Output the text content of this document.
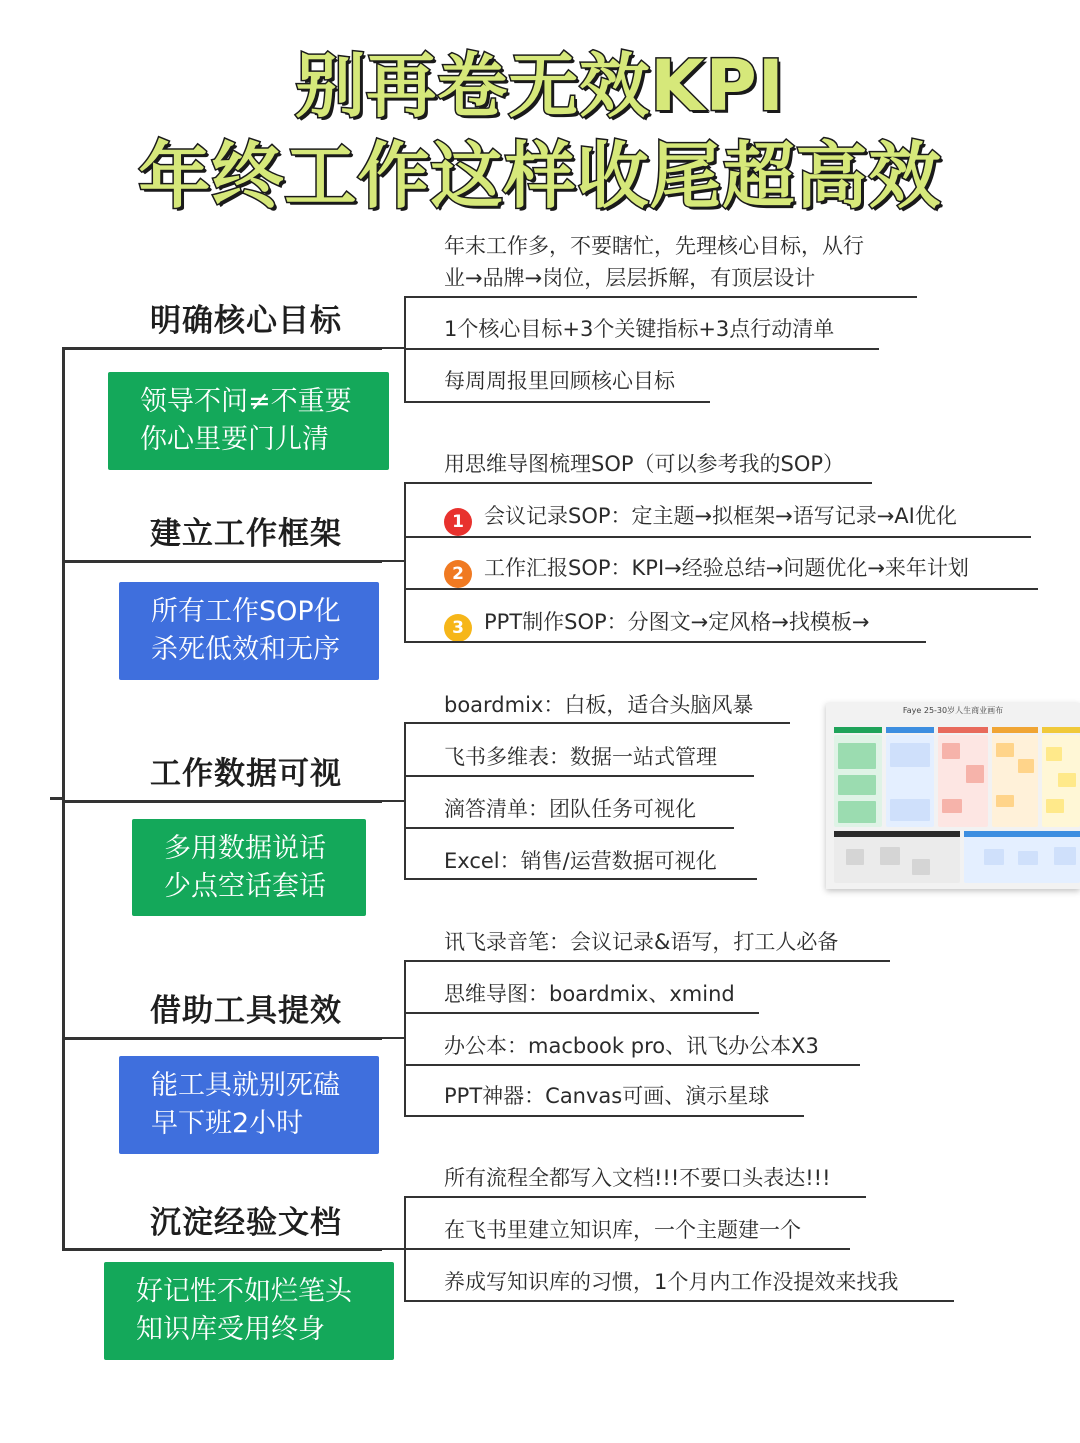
别再卷无效KPI
年终工作这样收尾超高效
明确核心目标
领导不问≠不重要
你心里要门儿清
年末工作多，不要瞎忙，先理核心目标，从行
业→品牌→岗位，层层拆解，有顶层设计
1个核心目标+3个关键指标+3点行动清单
每周周报里回顾核心目标
建立工作框架
所有工作SOP化
杀死低效和无序
用思维导图梳理SOP（可以参考我的SOP）
1 会议记录SOP：定主题→拟框架→语写记录→AI优化
2 工作汇报SOP：KPI→经验总结→问题优化→来年计划
3 PPT制作SOP：分图文→定风格→找模板→
工作数据可视
多用数据说话
少点空话套话
boardmix：白板，适合头脑风暴
飞书多维表：数据一站式管理
滴答清单：团队任务可视化
Excel：销售/运营数据可视化
Faye 25-30岁人生商业画布
借助工具提效
能工具就别死磕
早下班2小时
讯飞录音笔：会议记录&语写，打工人必备
思维导图：boardmix、xmind
办公本：macbook pro、讯飞办公本X3
PPT神器：Canvas可画、演示星球
沉淀经验文档
好记性不如烂笔头
知识库受用终身
所有流程全都写入文档!!!不要口头表达!!!
在飞书里建立知识库，一个主题建一个
养成写知识库的习惯，1个月内工作没提效来找我
